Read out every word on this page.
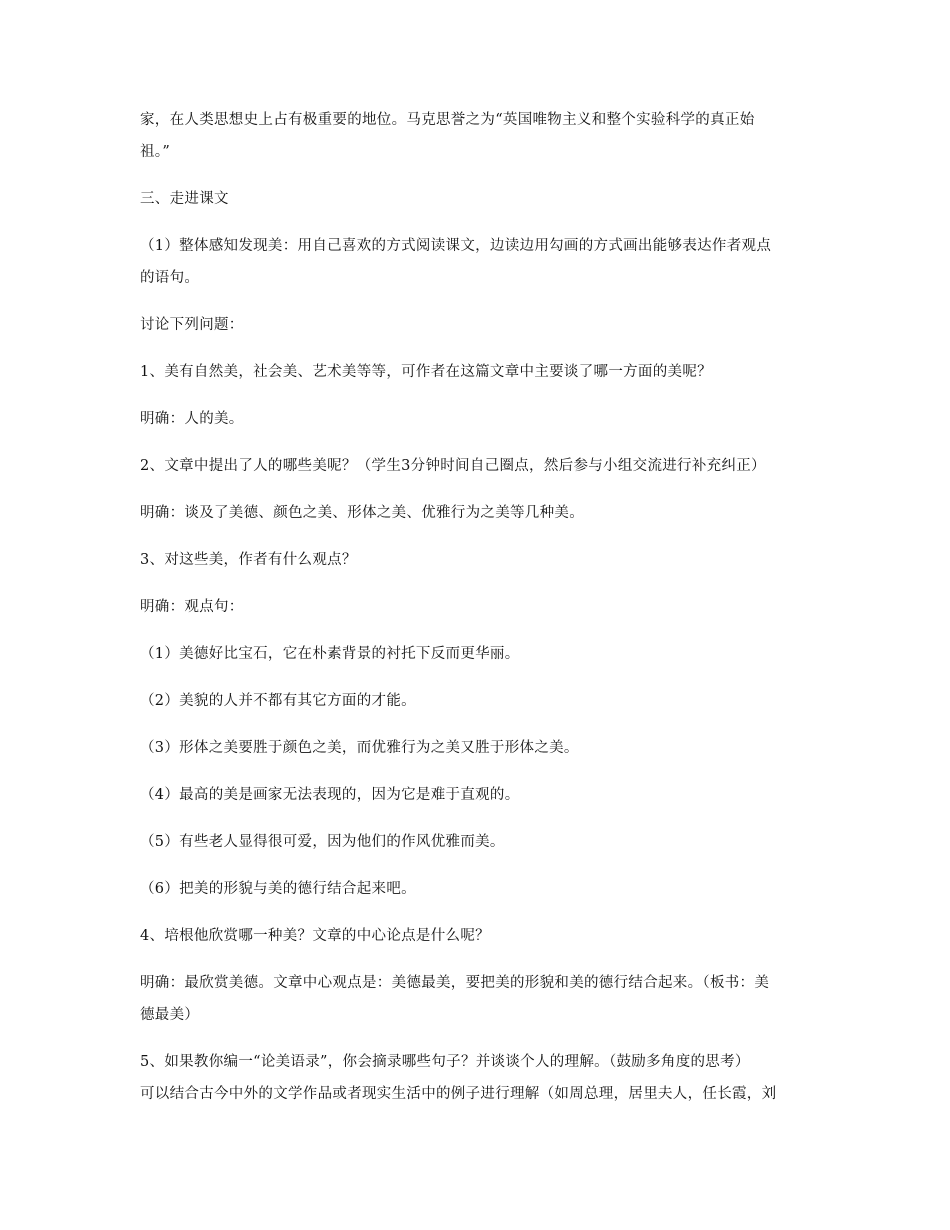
家，在人类思想史上占有极重要的地位。马克思誉之为“英国唯物主义和整个实验科学的真正始
祖。”
三、走进课文
（1）整体感知发现美：用自己喜欢的方式阅读课文，边读边用勾画的方式画出能够表达作者观点
的语句。
讨论下列问题：
1、美有自然美，社会美、艺术美等等，可作者在这篇文章中主要谈了哪一方面的美呢？
明确：人的美。
2、文章中提出了人的哪些美呢？（学生3分钟时间自己圈点，然后参与小组交流进行补充纠正）
明确：谈及了美德、颜色之美、形体之美、优雅行为之美等几种美。
3、对这些美，作者有什么观点？
明确：观点句：
（1）美德好比宝石，它在朴素背景的衬托下反而更华丽。
（2）美貌的人并不都有其它方面的才能。
（3）形体之美要胜于颜色之美，而优雅行为之美又胜于形体之美。
（4）最高的美是画家无法表现的，因为它是难于直观的。
（5）有些老人显得很可爱，因为他们的作风优雅而美。
（6）把美的形貌与美的德行结合起来吧。
4、培根他欣赏哪一种美？文章的中心论点是什么呢？
明确：最欣赏美德。文章中心观点是：美德最美，要把美的形貌和美的德行结合起来。（板书：美
德最美）
5、如果教你编一“论美语录”，你会摘录哪些句子？并谈谈个人的理解。（鼓励多角度的思考）
可以结合古今中外的文学作品或者现实生活中的例子进行理解（如周总理，居里夫人，任长霞，刘
